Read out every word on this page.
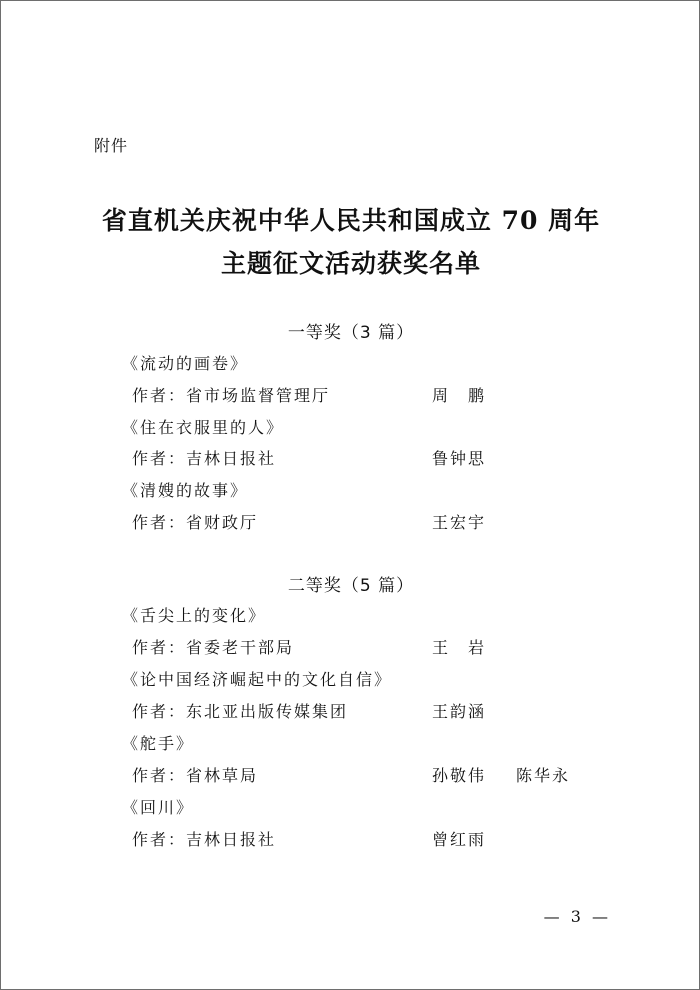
附件
省直机关庆祝中华人民共和国成立 70 周年
主题征文活动获奖名单
一等奖（3 篇）
《流动的画卷》
作者：省市场监督管理厅	周　鹏
《住在衣服里的人》
作者：吉林日报社	鲁钟思
《清嫂的故事》
作者：省财政厅	王宏宇
二等奖（5 篇）
《舌尖上的变化》
作者：省委老干部局	王　岩
《论中国经济崛起中的文化自信》
作者：东北亚出版传媒集团	王韵涵
《舵手》
作者：省林草局	孙敬伟 陈华永
《回川》
作者：吉林日报社	曾红雨
— 3 —
